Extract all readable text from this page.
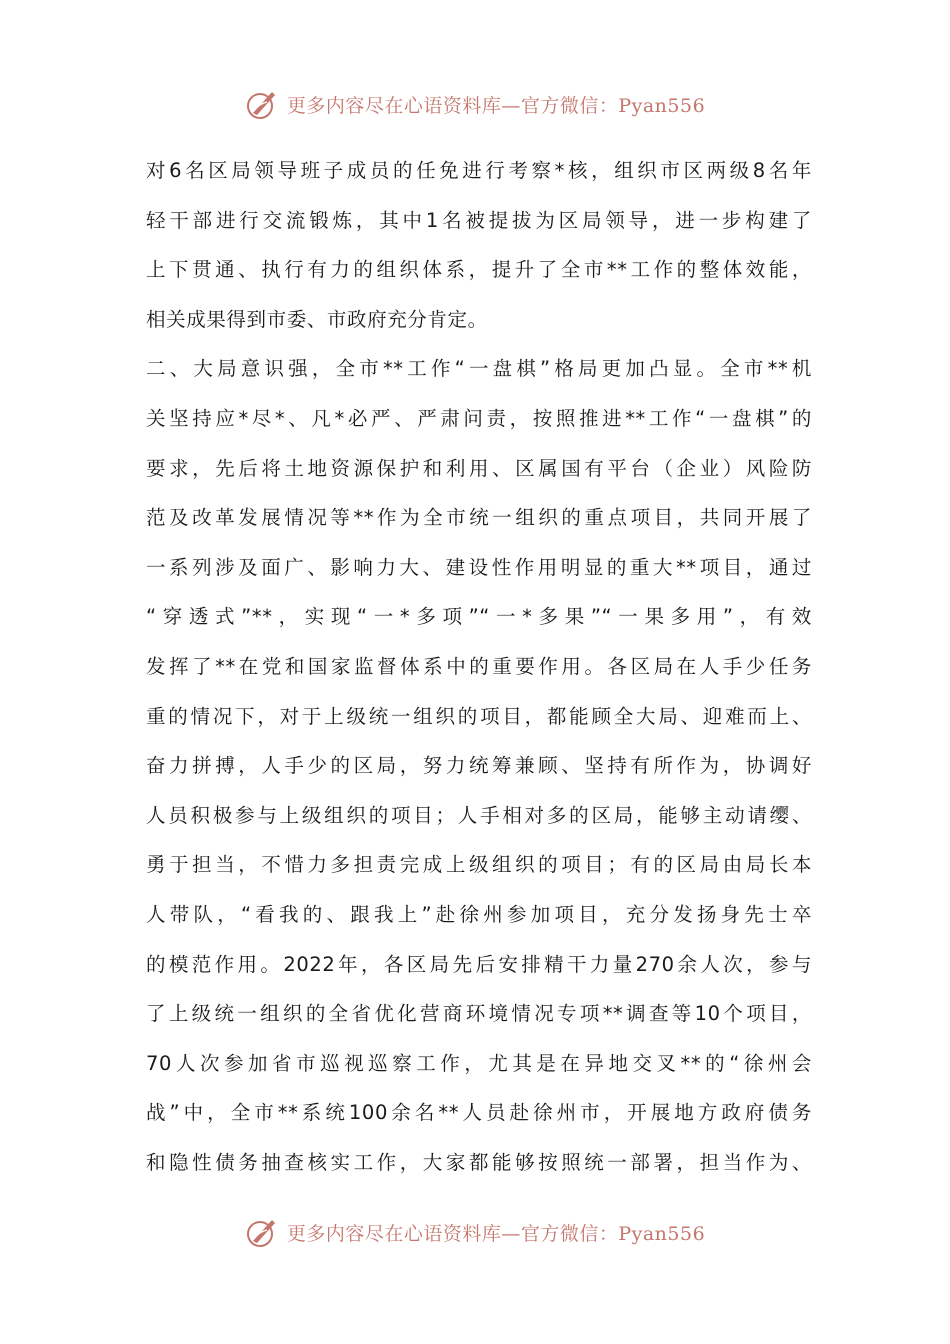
更多内容尽在心语资料库—官方微信：Pyan556
对6名区局领导班子成员的任免进行考察*核，组织市区两级8名年
轻干部进行交流锻炼，其中1名被提拔为区局领导，进一步构建了
上下贯通、执行有力的组织体系，提升了全市**工作的整体效能，
相关成果得到市委、市政府充分肯定。
二、大局意识强，全市**工作“一盘棋”格局更加凸显。全市**机
关坚持应*尽*、凡*必严、严肃问责，按照推进**工作“一盘棋”的
要求，先后将土地资源保护和利用、区属国有平台（企业）风险防
范及改革发展情况等**作为全市统一组织的重点项目，共同开展了
一系列涉及面广、影响力大、建设性作用明显的重大**项目，通过
“穿透式”**，实现“一*多项”“一*多果”“一果多用”，有效
发挥了**在党和国家监督体系中的重要作用。各区局在人手少任务
重的情况下，对于上级统一组织的项目，都能顾全大局、迎难而上、
奋力拼搏，人手少的区局，努力统筹兼顾、坚持有所作为，协调好
人员积极参与上级组织的项目；人手相对多的区局，能够主动请缨、
勇于担当，不惜力多担责完成上级组织的项目；有的区局由局长本
人带队，“看我的、跟我上”赴徐州参加项目，充分发扬身先士卒
的模范作用。2022年，各区局先后安排精干力量270余人次，参与
了上级统一组织的全省优化营商环境情况专项**调查等10个项目，
70人次参加省市巡视巡察工作，尤其是在异地交叉**的“徐州会
战”中，全市**系统100余名**人员赴徐州市，开展地方政府债务
和隐性债务抽查核实工作，大家都能够按照统一部署，担当作为、
更多内容尽在心语资料库—官方微信：Pyan556
